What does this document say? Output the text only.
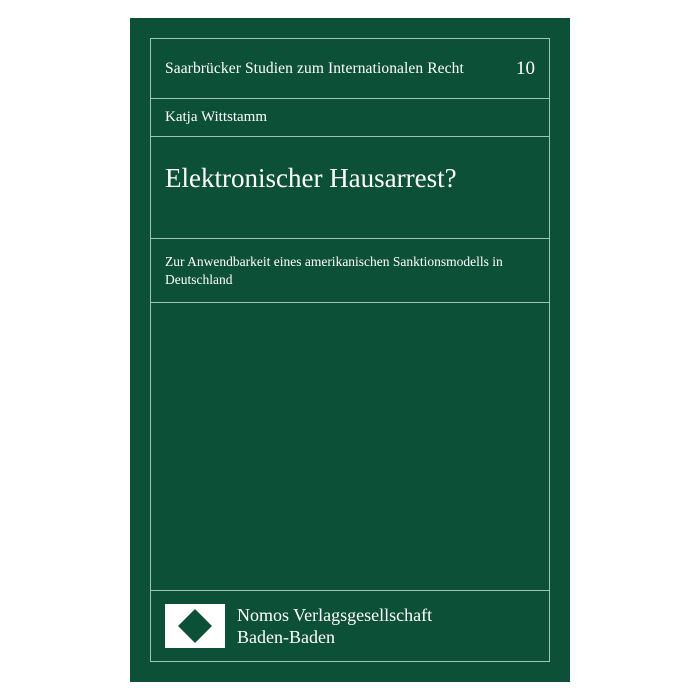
Saarbrücker Studien zum Internationalen Recht	10
Katja Wittstamm
Elektronischer Hausarrest?

Zur Anwendbarkeit eines amerikanischen Sanktionsmodells in Deutschland

Nomos Verlagsgesellschaft
Baden-Baden
